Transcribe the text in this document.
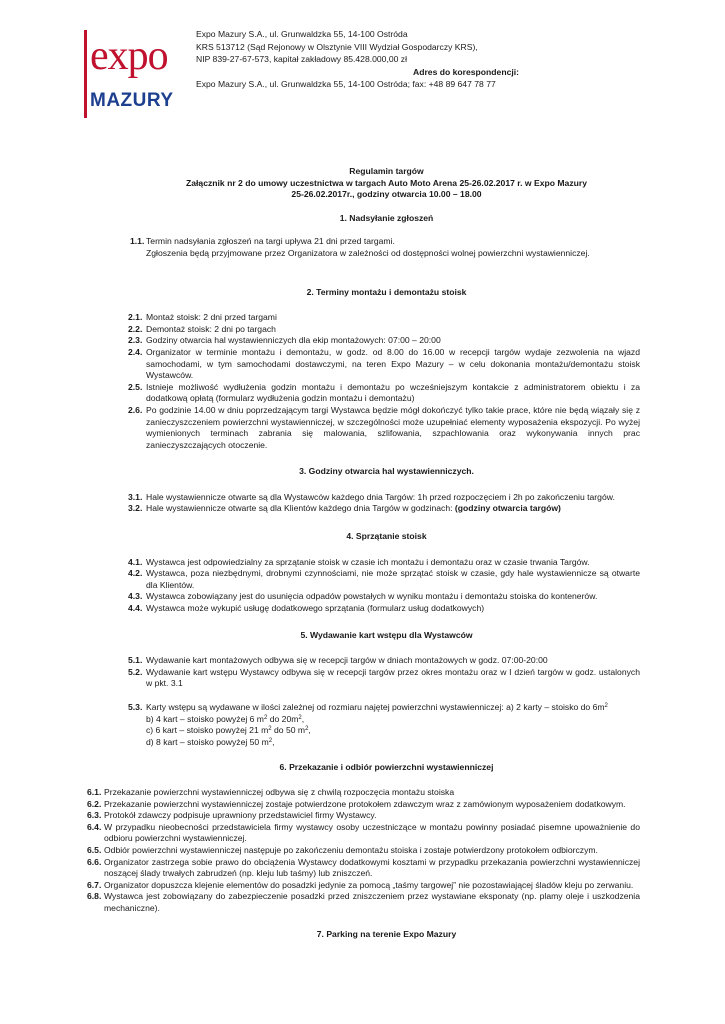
expo
MAZURY
Expo Mazury S.A., ul. Grunwaldzka 55, 14-100 Ostróda
KRS 513712 (Sąd Rejonowy w Olsztynie VIII Wydział Gospodarczy KRS),
NIP 839-27-67-573, kapitał zakładowy 85.428.000,00 zł
Adres do korespondencji:
Expo Mazury S.A., ul. Grunwaldzka 55, 14-100 Ostróda; fax: +48 89 647 78 77
Regulamin targów
Załącznik nr 2 do umowy uczestnictwa w targach Auto Moto Arena 25-26.02.2017 r. w Expo Mazury
25-26.02.2017r., godziny otwarcia 10.00 – 18.00
1. Nadsyłanie zgłoszeń
1.1. Termin nadsyłania zgłoszeń na targi upływa 21 dni przed targami.
Zgłoszenia będą przyjmowane przez Organizatora w zależności od dostępności wolnej powierzchni wystawienniczej.
2. Terminy montażu i demontażu stoisk
2.1. Montaż stoisk: 2 dni przed targami
2.2. Demontaż stoisk: 2 dni po targach
2.3. Godziny otwarcia hal wystawienniczych dla ekip montażowych: 07:00 – 20:00
2.4. Organizator w terminie montażu i demontażu, w godz. od 8.00 do 16.00 w recepcji targów wydaje zezwolenia na wjazd samochodami, w tym samochodami dostawczymi, na teren Expo Mazury – w celu dokonania montażu/demontażu stoisk Wystawców.
2.5. Istnieje możliwość wydłużenia godzin montażu i demontażu po wcześniejszym kontakcie z administratorem obiektu i za dodatkową opłatą (formularz wydłużenia godzin montażu i demontażu)
2.6. Po godzinie 14.00 w dniu poprzedzającym targi Wystawca będzie mógł dokończyć tylko takie prace, które nie będą wiązały się z zanieczyszczeniem powierzchni wystawienniczej, w szczególności może uzupełniać elementy wyposażenia ekspozycji. Po wyżej wymienionych terminach zabrania się malowania, szlifowania, szpachlowania oraz wykonywania innych prac zanieczyszczających otoczenie.
3. Godziny otwarcia hal wystawienniczych.
3.1. Hale wystawiennicze otwarte są dla Wystawców każdego dnia Targów: 1h przed rozpoczęciem i 2h po zakończeniu targów.
3.2. Hale wystawiennicze otwarte są dla Klientów każdego dnia Targów w godzinach: (godziny otwarcia targów)
4. Sprzątanie stoisk
4.1. Wystawca jest odpowiedzialny za sprzątanie stoisk w czasie ich montażu i demontażu oraz w czasie trwania Targów.
4.2. Wystawca, poza niezbędnymi, drobnymi czynnościami, nie może sprzątać stoisk w czasie, gdy hale wystawiennicze są otwarte dla Klientów.
4.3. Wystawca zobowiązany jest do usunięcia odpadów powstałych w wyniku montażu i demontażu stoiska do kontenerów.
4.4. Wystawca może wykupić usługę dodatkowego sprzątania (formularz usług dodatkowych)
5. Wydawanie kart wstępu dla Wystawców
5.1. Wydawanie kart montażowych odbywa się w recepcji targów w dniach montażowych w godz. 07:00-20:00
5.2. Wydawanie kart wstępu Wystawcy odbywa się w recepcji targów przez okres montażu oraz w I dzień targów w godz. ustalonych w pkt. 3.1
5.3. Karty wstępu są wydawane w ilości zależnej od rozmiaru najętej powierzchni wystawienniczej: a) 2 karty – stoisko do $6m^2$
b) 4 kart – stoisko powyżej 6 $m^2$ do $20m^2$,
c) 6 kart – stoisko powyżej 21 $m^2$ do 50 $m^2$,
d) 8 kart – stoisko powyżej 50 $m^2$,
6. Przekazanie i odbiór powierzchni wystawienniczej
6.1. Przekazanie powierzchni wystawienniczej odbywa się z chwilą rozpoczęcia montażu stoiska
6.2. Przekazanie powierzchni wystawienniczej zostaje potwierdzone protokołem zdawczym wraz z zamówionym wyposażeniem dodatkowym.
6.3. Protokół zdawczy podpisuje uprawniony przedstawiciel firmy Wystawcy.
6.4. W przypadku nieobecności przedstawiciela firmy wystawcy osoby uczestniczące w montażu powinny posiadać pisemne upoważnienie do odbioru powierzchni wystawienniczej.
6.5. Odbiór powierzchni wystawienniczej następuje po zakończeniu demontażu stoiska i zostaje potwierdzony protokołem odbiorczym.
6.6. Organizator zastrzega sobie prawo do obciążenia Wystawcy dodatkowymi kosztami w przypadku przekazania powierzchni wystawienniczej noszącej ślady trwałych zabrudzeń (np. kleju lub taśmy) lub zniszczeń.
6.7. Organizator dopuszcza klejenie elementów do posadzki jedynie za pomocą „taśmy targowej” nie pozostawiającej śladów kleju po zerwaniu.
6.8. Wystawca jest zobowiązany do zabezpieczenie posadzki przed zniszczeniem przez wystawiane eksponaty (np. plamy oleje i uszkodzenia mechaniczne).
7. Parking na terenie Expo Mazury
